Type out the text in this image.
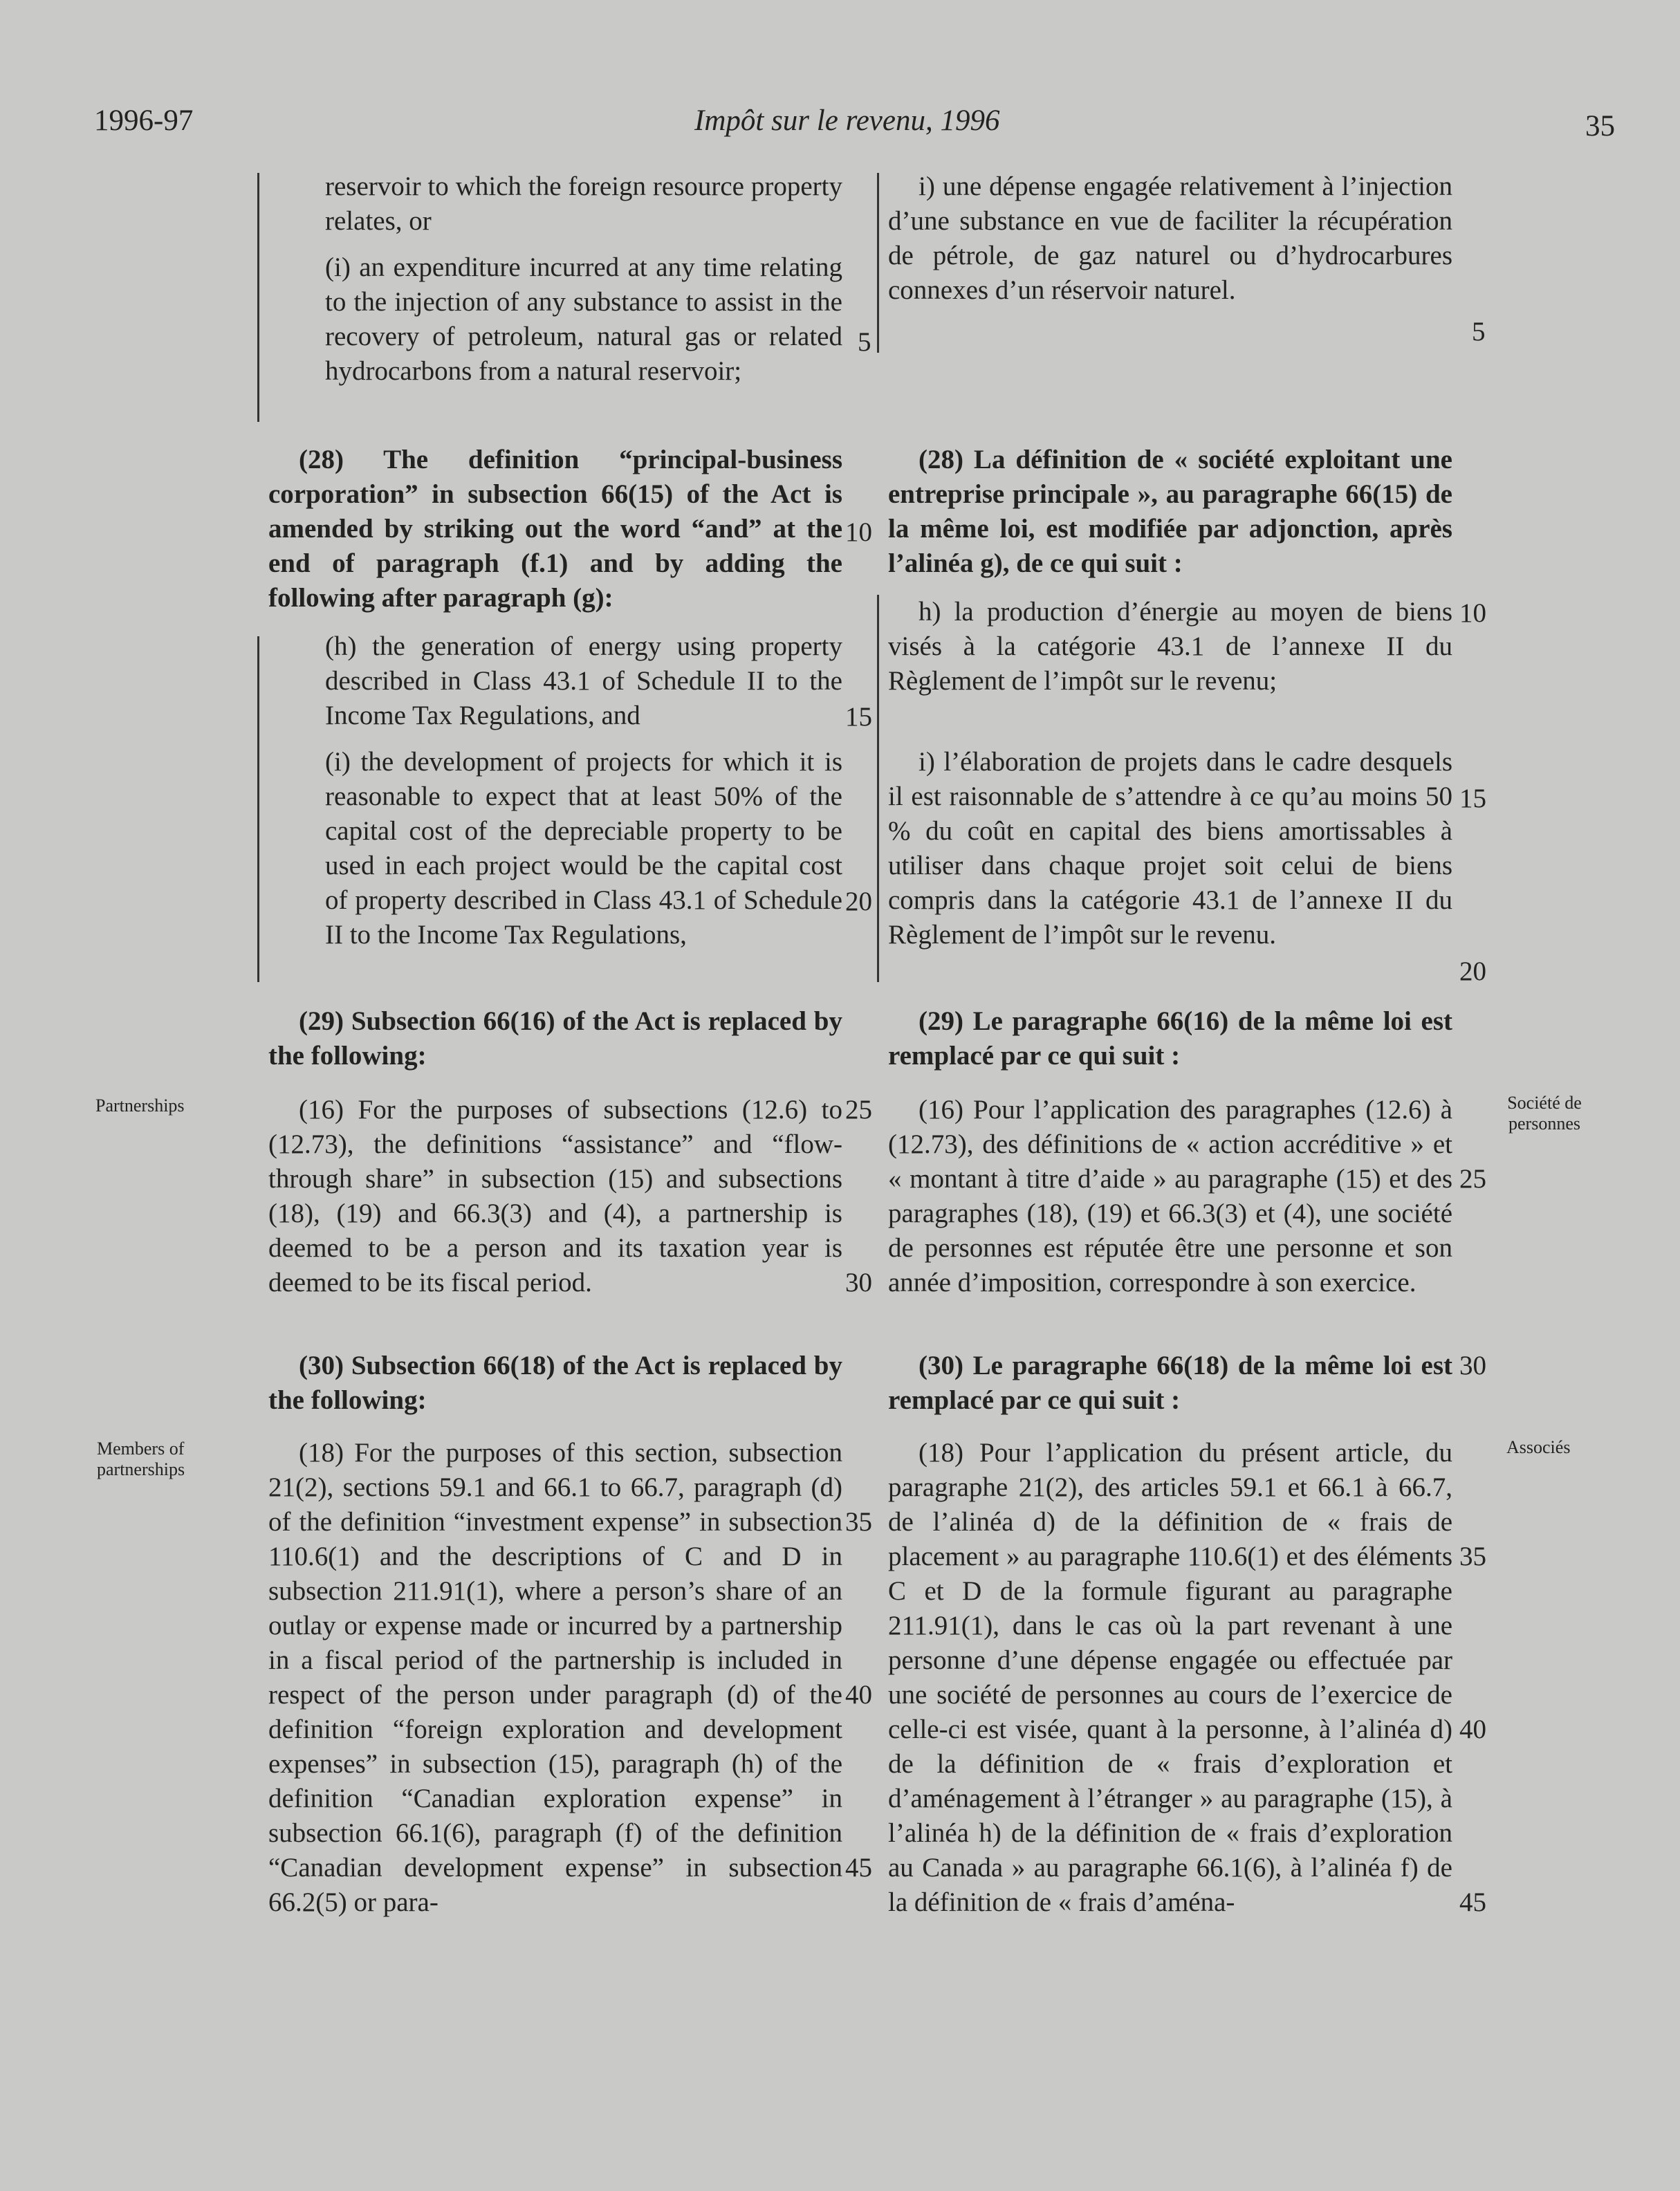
1996-97	Impôt sur le revenu, 1996	35
Partnerships
Members of
partnerships
Société de
personnes
Associés
reservoir to which the foreign resource property relates, or
(i) an expenditure incurred at any time relating to the injection of any substance to assist in the recovery of petroleum, natural gas or related hydrocarbons from a natural reservoir;
(28) The definition “principal-business corporation” in subsection 66(15) of the Act is amended by striking out the word “and” at the end of paragraph (f.1) and by adding the following after paragraph (g):
(h) the generation of energy using property described in Class 43.1 of Schedule II to the Income Tax Regulations, and
(i) the development of projects for which it is reasonable to expect that at least 50% of the capital cost of the depreciable property to be used in each project would be the capital cost of property described in Class 43.1 of Schedule II to the Income Tax Regulations,
(29) Subsection 66(16) of the Act is replaced by the following:
(16) For the purposes of subsections (12.6) to (12.73), the definitions “assistance” and “flow-through share” in subsection (15) and subsections (18), (19) and 66.3(3) and (4), a partnership is deemed to be a person and its taxation year is deemed to be its fiscal period.
(30) Subsection 66(18) of the Act is replaced by the following:
(18) For the purposes of this section, subsection 21(2), sections 59.1 and 66.1 to 66.7, paragraph (d) of the definition “investment expense” in subsection 110.6(1) and the descriptions of C and D in subsection 211.91(1), where a person’s share of an outlay or expense made or incurred by a partnership in a fiscal period of the partnership is included in respect of the person under paragraph (d) of the definition “foreign exploration and development expenses” in subsection (15), paragraph (h) of the definition “Canadian exploration expense” in subsection 66.1(6), paragraph (f) of the definition “Canadian development expense” in subsection 66.2(5) or para-
i) une dépense engagée relativement à l’injection d’une substance en vue de faciliter la récupération de pétrole, de gaz naturel ou d’hydrocarbures connexes d’un réservoir naturel.
(28) La définition de « société exploitant une entreprise principale », au paragraphe 66(15) de la même loi, est modifiée par adjonction, après l’alinéa g), de ce qui suit :
h) la production d’énergie au moyen de biens visés à la catégorie 43.1 de l’annexe II du Règlement de l’impôt sur le revenu;
i) l’élaboration de projets dans le cadre desquels il est raisonnable de s’attendre à ce qu’au moins 50 % du coût en capital des biens amortissables à utiliser dans chaque projet soit celui de biens compris dans la catégorie 43.1 de l’annexe II du Règlement de l’impôt sur le revenu.
(29) Le paragraphe 66(16) de la même loi est remplacé par ce qui suit :
(16) Pour l’application des paragraphes (12.6) à (12.73), des définitions de « action accréditive » et « montant à titre d’aide » au paragraphe (15) et des paragraphes (18), (19) et 66.3(3) et (4), une société de personnes est réputée être une personne et son année d’imposition, correspondre à son exercice.
(30) Le paragraphe 66(18) de la même loi est remplacé par ce qui suit :
(18) Pour l’application du présent article, du paragraphe 21(2), des articles 59.1 et 66.1 à 66.7, de l’alinéa d) de la définition de « frais de placement » au paragraphe 110.6(1) et des éléments C et D de la formule figurant au paragraphe 211.91(1), dans le cas où la part revenant à une personne d’une dépense engagée ou effectuée par une société de personnes au cours de l’exercice de celle-ci est visée, quant à la personne, à l’alinéa d) de la définition de « frais d’exploration et d’aménagement à l’étranger » au paragraphe (15), à l’alinéa h) de la définition de « frais d’exploration au Canada » au paragraphe 66.1(6), à l’alinéa f) de la définition de « frais d’aména-
5
10
15
20
25
30
35
40
45
5
10
15
20
25
30
35
40
45
